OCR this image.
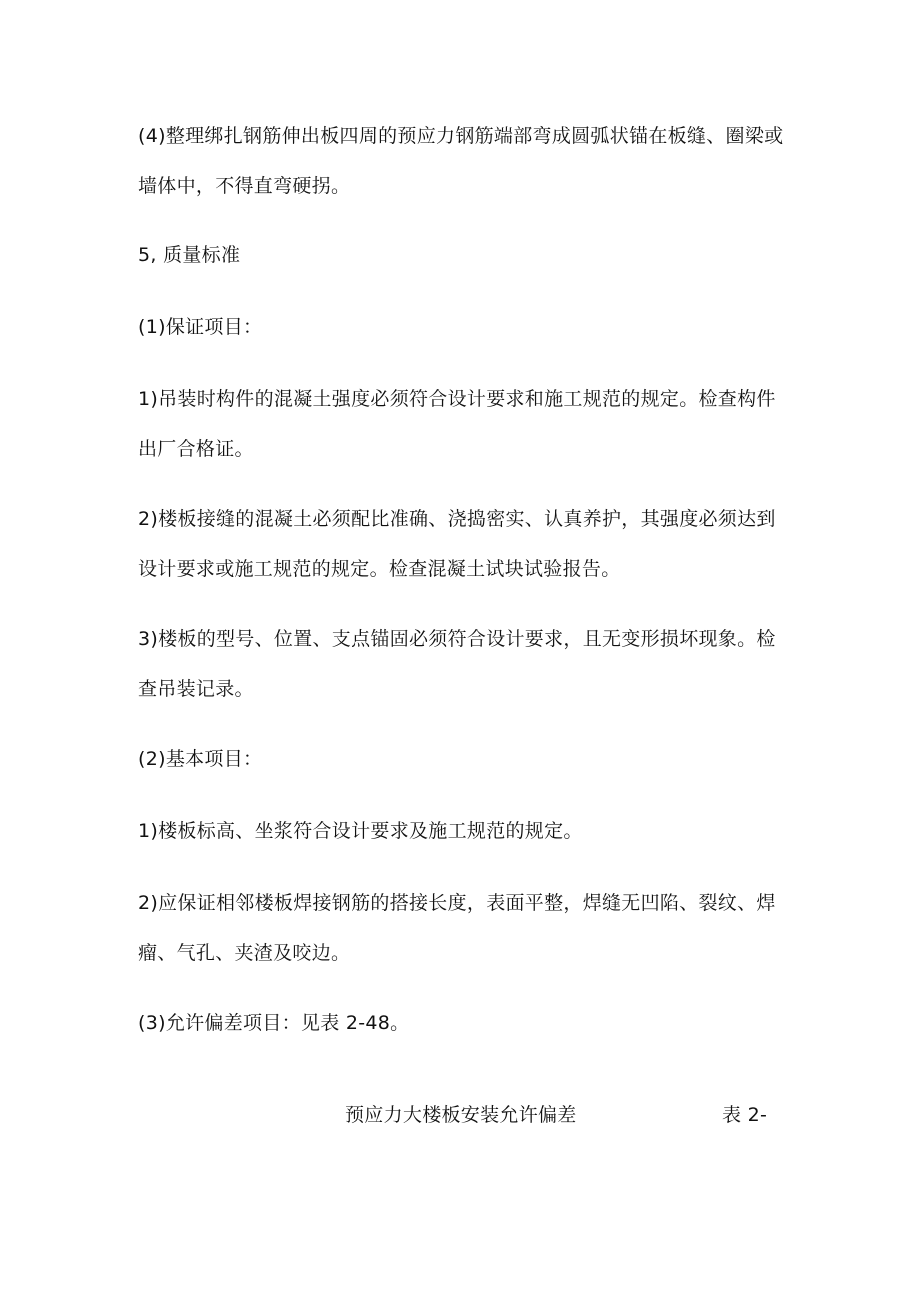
(4)整理绑扎钢筋伸出板四周的预应力钢筋端部弯成圆弧状锚在板缝、圈梁或墙体中，不得直弯硬拐。

5, 质量标准

(1)保证项目：

1)吊装时构件的混凝土强度必须符合设计要求和施工规范的规定。检查构件出厂合格证。

2)楼板接缝的混凝土必须配比准确、浇捣密实、认真养护，其强度必须达到设计要求或施工规范的规定。检查混凝土试块试验报告。

3)楼板的型号、位置、支点锚固必须符合设计要求，且无变形损坏现象。检查吊装记录。

(2)基本项目：

1)楼板标高、坐浆符合设计要求及施工规范的规定。

2)应保证相邻楼板焊接钢筋的搭接长度，表面平整，焊缝无凹陷、裂纹、焊瘤、气孔、夹渣及咬边。

(3)允许偏差项目：见表 2-48。

预应力大楼板安装允许偏差	表 2-
